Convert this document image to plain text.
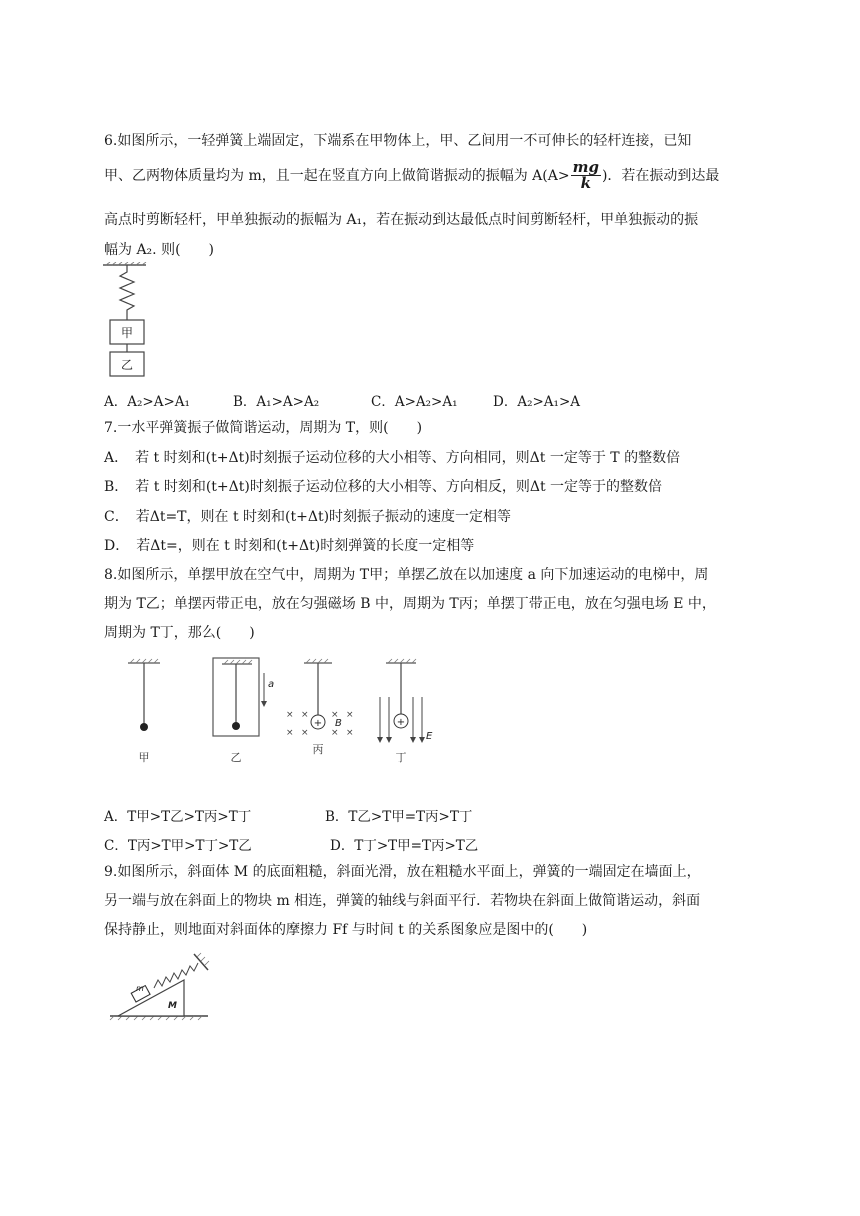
6.如图所示，一轻弹簧上端固定，下端系在甲物体上，甲、乙间用一不可伸长的轻杆连接，已知
甲、乙两物体质量均为 m，且一起在竖直方向上做简谐振动的振幅为 $A(A> \frac{mg}{k}$ )．若在振动到达最
高点时剪断轻杆，甲单独振动的振幅为 A₁，若在振动到达最低点时间剪断轻杆，甲单独振动的振
幅为 A₂. 则(　　)
甲
乙
A．A₂>A>A₁	B．A₁>A>A₂	C．A>A₂>A₁	D．A₂>A₁>A
7.一水平弹簧振子做简谐运动，周期为 T，则(　　)
A．　若 t 时刻和(t+Δt)时刻振子运动位移的大小相等、方向相同，则Δt 一定等于 T 的整数倍
B．　若 t 时刻和(t+Δt)时刻振子运动位移的大小相等、方向相反，则Δt 一定等于的整数倍
C．　若Δt=T，则在 t 时刻和(t+Δt)时刻振子振动的速度一定相等
D．　若Δt=，则在 t 时刻和(t+Δt)时刻弹簧的长度一定相等
8.如图所示，单摆甲放在空气中，周期为 T甲；单摆乙放在以加速度 a 向下加速运动的电梯中，周
期为 T乙；单摆丙带正电，放在匀强磁场 B 中，周期为 T丙；单摆丁带正电，放在匀强电场 E 中，
周期为 T丁，那么(　　)
a
+
× × × ×
× × × ×
B	+
E
甲	乙
丙
丁
A．T甲>T乙>T丙>T丁	B．T乙>T甲=T丙>T丁
C．T丙>T甲>T丁>T乙	D．T丁>T甲=T丙>T乙
9.如图所示，斜面体 M 的底面粗糙，斜面光滑，放在粗糙水平面上，弹簧的一端固定在墙面上，
另一端与放在斜面上的物块 m 相连，弹簧的轴线与斜面平行．若物块在斜面上做简谐运动，斜面
保持静止，则地面对斜面体的摩擦力 Ff 与时间 t 的关系图象应是图中的(　　)
M
m
